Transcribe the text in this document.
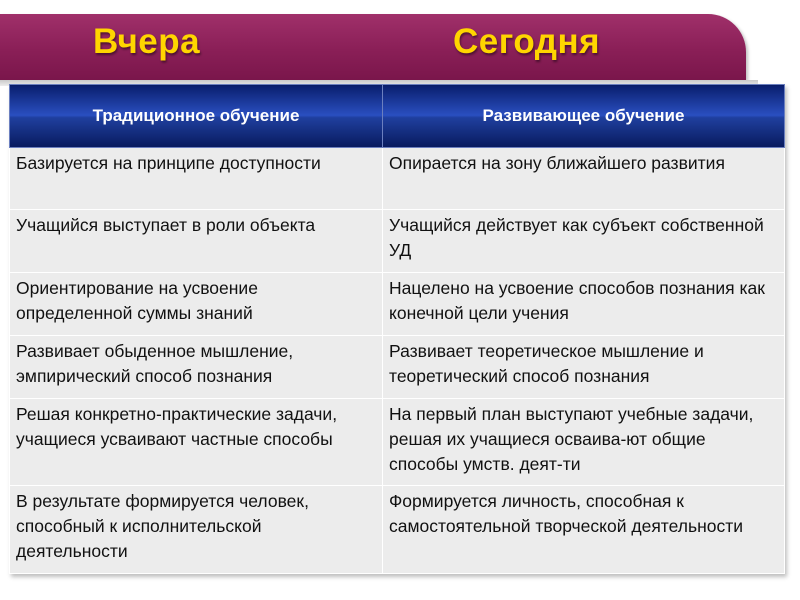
Вчера	Сегодня
Традиционное обучение	Развивающее обучение
Базируется на принципе доступности	Опирается на зону ближайшего развития
Учащийся выступает в роли объекта	Учащийся действует как субъект собственной УД
Ориентирование на усвоение определенной суммы знаний	Нацелено на усвоение способов познания как конечной цели учения
Развивает обыденное мышление, эмпирический способ познания	Развивает теоретическое мышление и теоретический способ познания
Решая конкретно-практические задачи, учащиеся усваивают частные способы	На первый план выступают учебные задачи, решая их учащиеся осваива-ют общие способы умств. деят-ти
В результате формируется человек, способный к исполнительской деятельности	Формируется личность, способная к самостоятельной творческой деятельности
